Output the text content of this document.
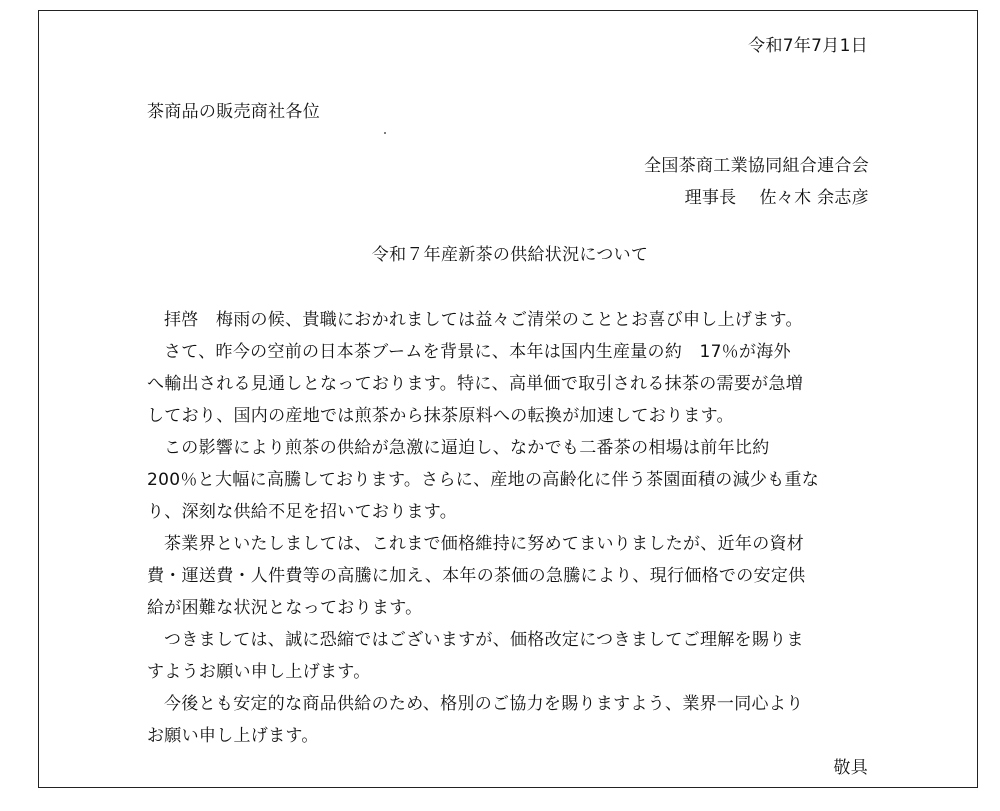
令和7年7月1日
茶商品の販売商社各位
全国茶商工業協同組合連合会
理事長　 佐々木 余志彦
令和７年産新茶の供給状況について
拝啓　梅雨の候、貴職におかれましては益々ご清栄のこととお喜び申し上げます。
さて、昨今の空前の日本茶ブームを背景に、本年は国内生産量の約　17％が海外
へ輸出される見通しとなっております。特に、高単価で取引される抹茶の需要が急増
しており、国内の産地では煎茶から抹茶原料への転換が加速しております。
この影響により煎茶の供給が急激に逼迫し、なかでも二番茶の相場は前年比約
200％と大幅に高騰しております。さらに、産地の高齢化に伴う茶園面積の減少も重な
り、深刻な供給不足を招いております。
茶業界といたしましては、これまで価格維持に努めてまいりましたが、近年の資材
費・運送費・人件費等の高騰に加え、本年の茶価の急騰により、現行価格での安定供
給が困難な状況となっております。
つきましては、誠に恐縮ではございますが、価格改定につきましてご理解を賜りま
すようお願い申し上げます。
今後とも安定的な商品供給のため、格別のご協力を賜りますよう、業界一同心より
お願い申し上げます。
敬具
